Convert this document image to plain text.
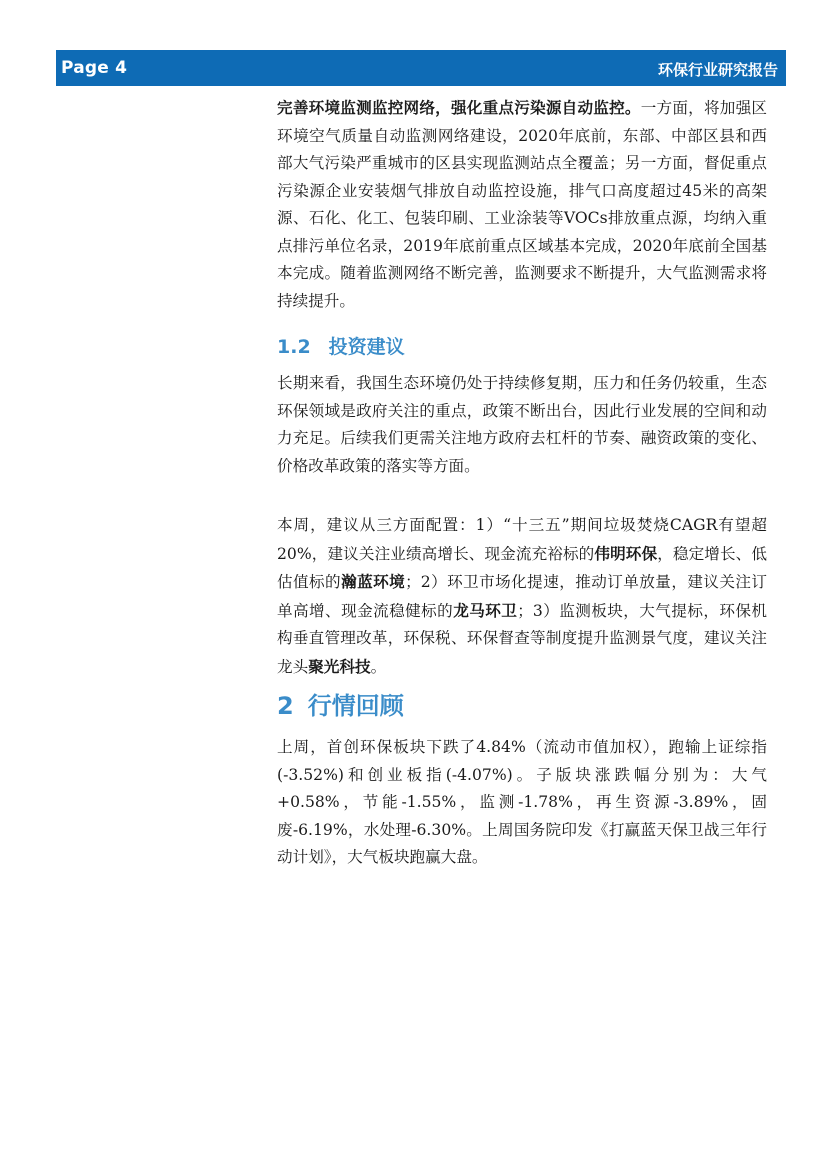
Page 4	环保行业研究报告

完善环境监测监控网络，强化重点污染源自动监控。一方面，将加强区环境空气质量自动监测网络建设，2020年底前，东部、中部区县和西部大气污染严重城市的区县实现监测站点全覆盖；另一方面，督促重点污染源企业安装烟气排放自动监控设施，排气口高度超过45米的高架源、石化、化工、包装印刷、工业涂装等VOCs排放重点源，均纳入重点排污单位名录，2019年底前重点区域基本完成，2020年底前全国基本完成。随着监测网络不断完善，监测要求不断提升，大气监测需求将持续提升。

1.2 投资建议

长期来看，我国生态环境仍处于持续修复期，压力和任务仍较重，生态环保领域是政府关注的重点，政策不断出台，因此行业发展的空间和动力充足。后续我们更需关注地方政府去杠杆的节奏、融资政策的变化、价格改革政策的落实等方面。

本周，建议从三方面配置：1）“十三五”期间垃圾焚烧CAGR有望超20%，建议关注业绩高增长、现金流充裕标的伟明环保，稳定增长、低估值标的瀚蓝环境；2）环卫市场化提速，推动订单放量，建议关注订单高增、现金流稳健标的龙马环卫；3）监测板块，大气提标，环保机构垂直管理改革，环保税、环保督查等制度提升监测景气度，建议关注龙头聚光科技。

2 行情回顾

上周，首创环保板块下跌了4.84%（流动市值加权），跑输上证综指(-3.52%)和创业板指(-4.07%)。子版块涨跌幅分别为：大气+0.58%，节能-1.55%，监测-1.78%，再生资源-3.89%，固废-6.19%，水处理-6.30%。上周国务院印发《打赢蓝天保卫战三年行动计划》，大气板块跑赢大盘。
